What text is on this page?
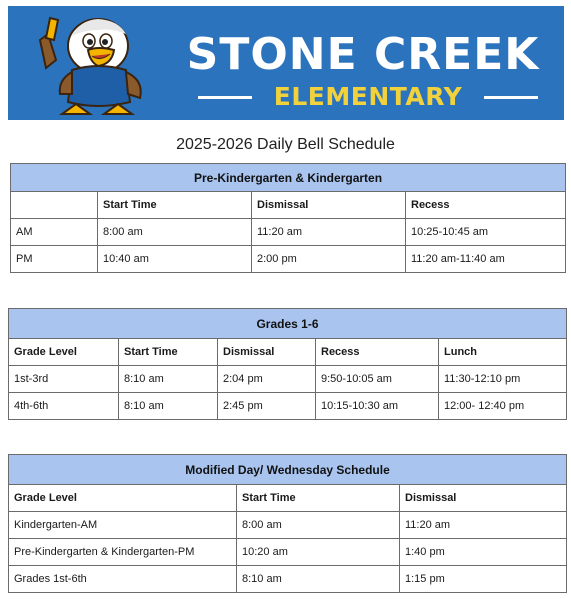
STONE CREEK
ELEMENTARY
2025-2026 Daily Bell Schedule
Pre-Kindergarten & Kindergarten			
	Start Time	Dismissal	Recess
AM	8:00 am	11:20 am	10:25-10:45 am
PM	10:40 am	2:00 pm	11:20 am-11:40 am
Grades 1-6				
Grade Level	Start Time	Dismissal	Recess	Lunch
1st-3rd	8:10 am	2:04 pm	9:50-10:05 am	11:30-12:10 pm
4th-6th	8:10 am	2:45 pm	10:15-10:30 am	12:00- 12:40 pm
Modified Day/ Wednesday Schedule		
Grade Level	Start Time	Dismissal
Kindergarten-AM	8:00 am	11:20 am
Pre-Kindergarten & Kindergarten-PM	10:20 am	1:40 pm
Grades 1st-6th	8:10 am	1:15 pm
